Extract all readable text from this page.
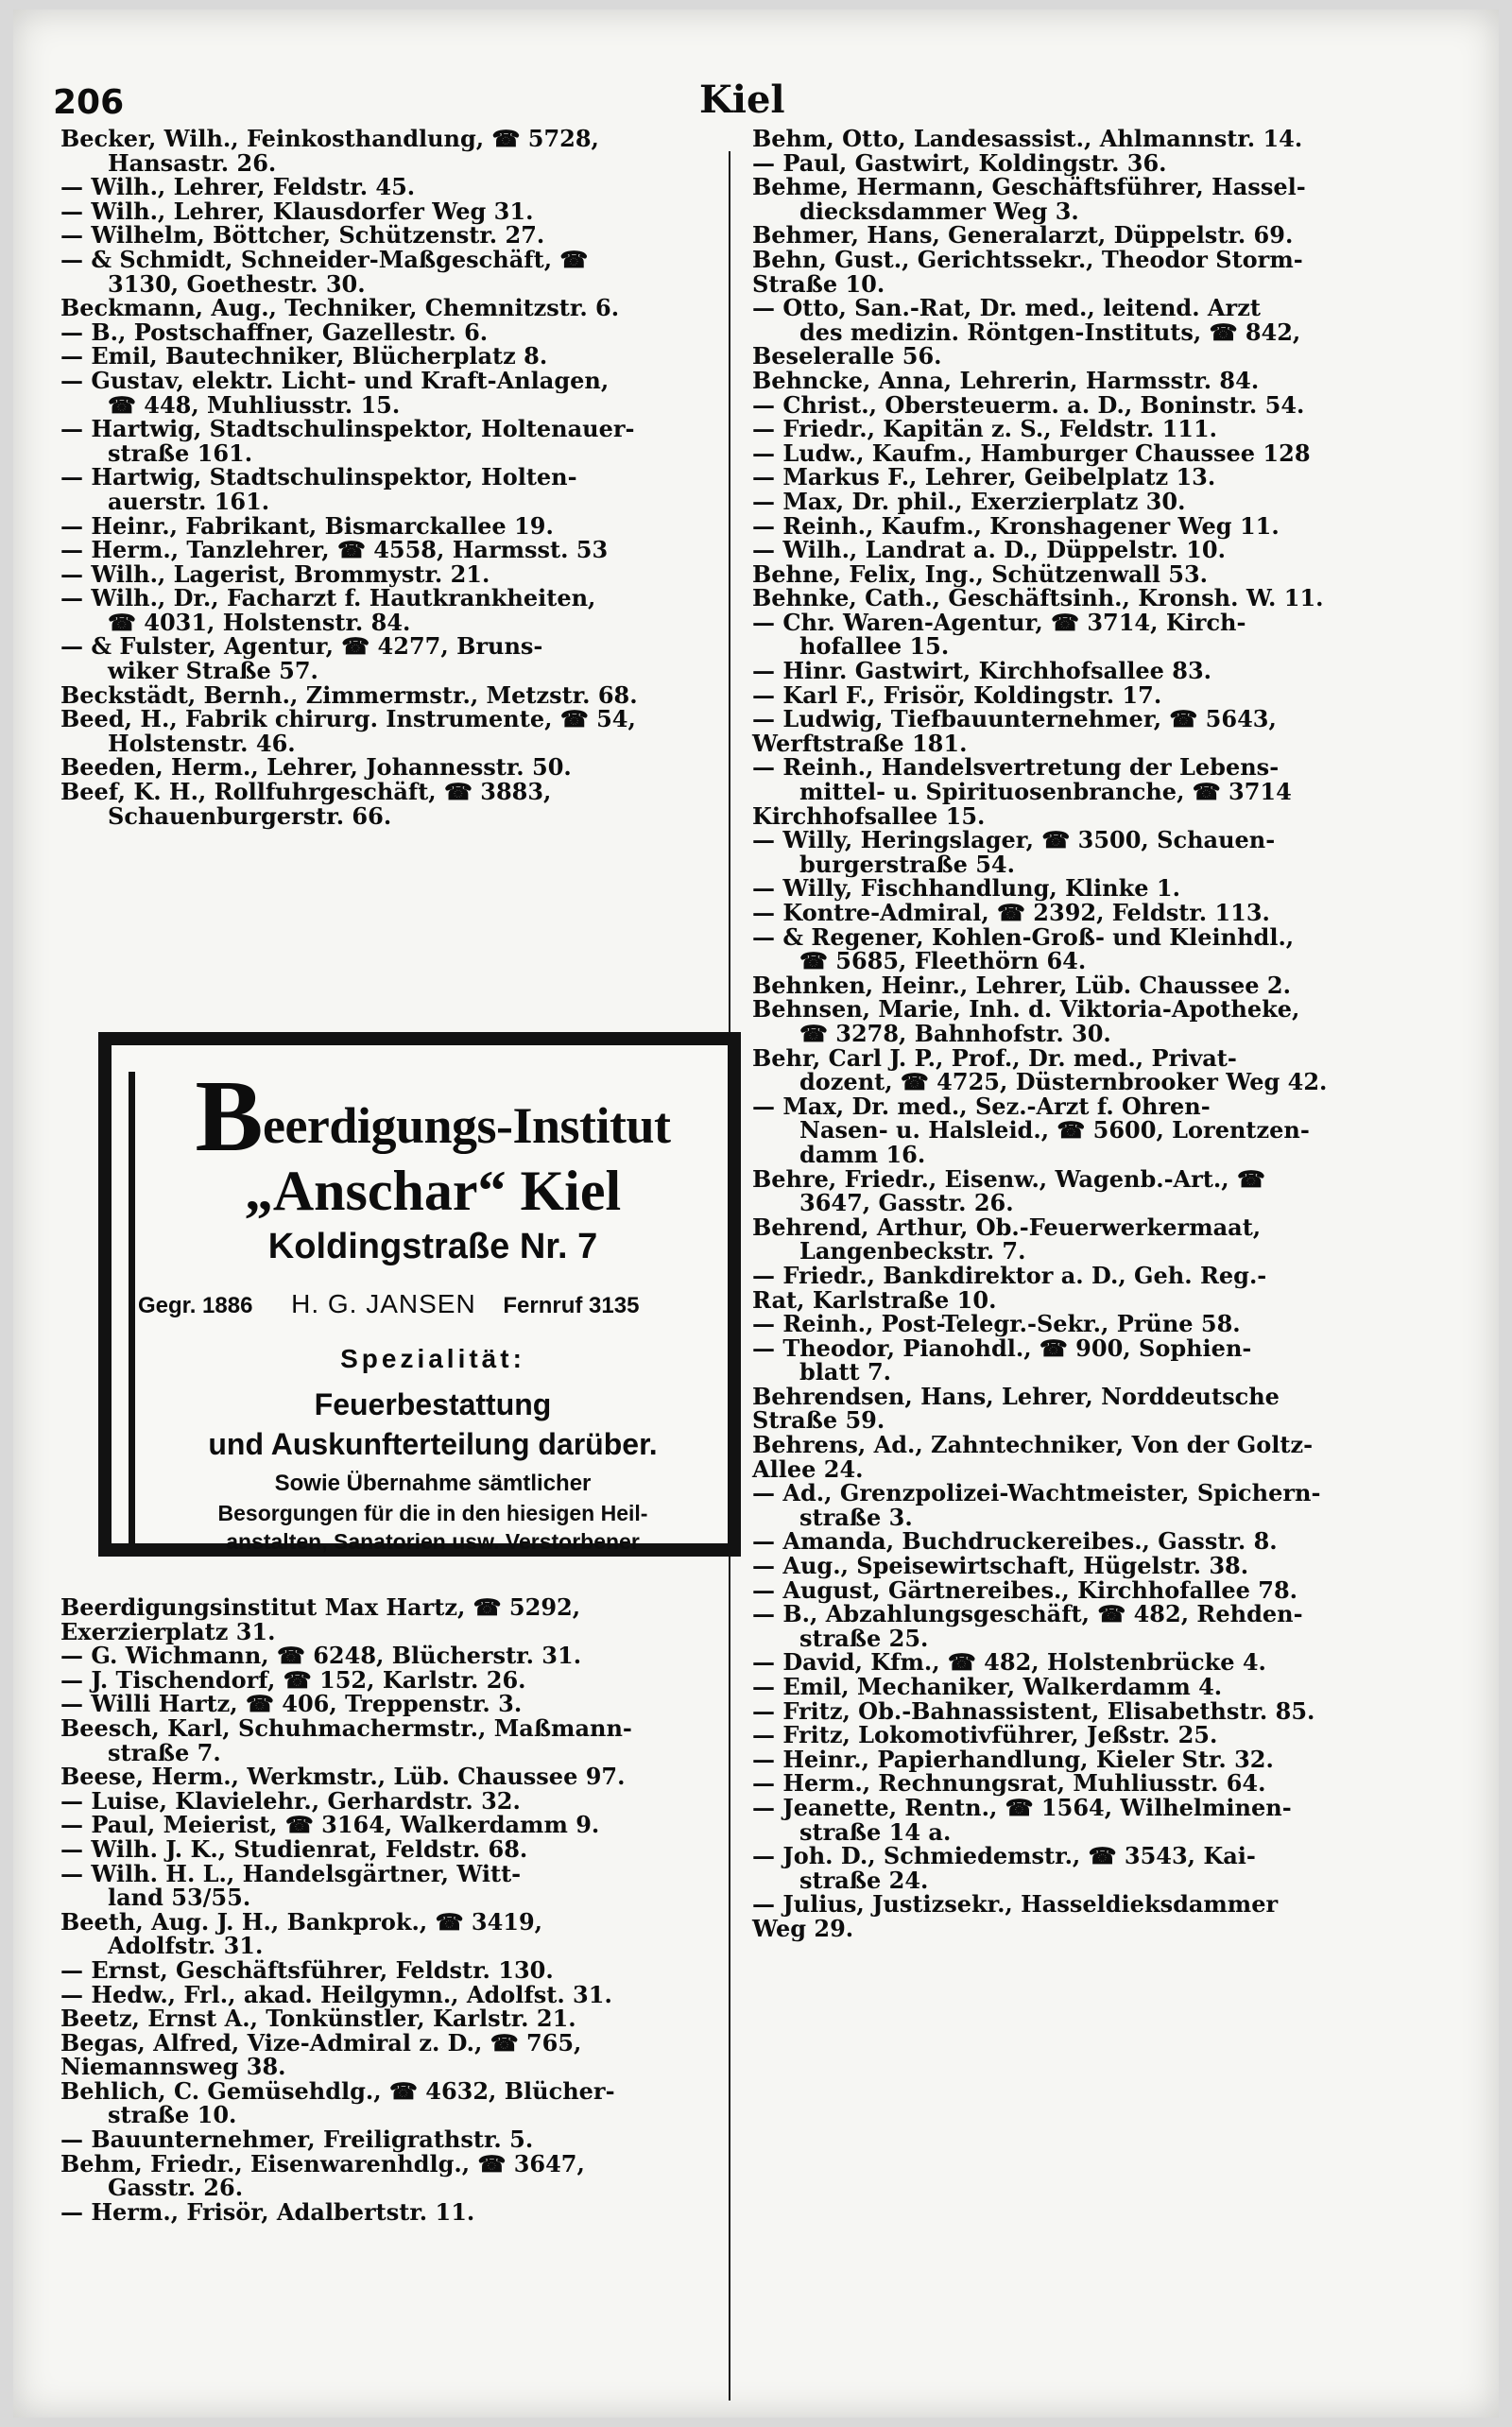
206	Kiel
Becker, Wilh., Feinkosthandlung, ☎ 5728,
Hansastr. 26.
— Wilh., Lehrer, Feldstr. 45.
— Wilh., Lehrer, Klausdorfer Weg 31.
— Wilhelm, Böttcher, Schützenstr. 27.
— & Schmidt, Schneider-Maßgeschäft, ☎
3130, Goethestr. 30.
Beckmann, Aug., Techniker, Chemnitzstr. 6.
— B., Postschaffner, Gazellestr. 6.
— Emil, Bautechniker, Blücherplatz 8.
— Gustav, elektr. Licht- und Kraft-Anlagen,
☎ 448, Muhliusstr. 15.
— Hartwig, Stadtschulinspektor, Holtenauer-
straße 161.
— Hartwig, Stadtschulinspektor, Holten-
auerstr. 161.
— Heinr., Fabrikant, Bismarckallee 19.
— Herm., Tanzlehrer, ☎ 4558, Harmsst. 53
— Wilh., Lagerist, Brommystr. 21.
— Wilh., Dr., Facharzt f. Hautkrankheiten,
☎ 4031, Holstenstr. 84.
— & Fulster, Agentur, ☎ 4277, Bruns-
wiker Straße 57.
Beckstädt, Bernh., Zimmermstr., Metzstr. 68.
Beed, H., Fabrik chirurg. Instrumente, ☎ 54,
Holstenstr. 46.
Beeden, Herm., Lehrer, Johannesstr. 50.
Beef, K. H., Rollfuhrgeschäft, ☎ 3883,
Schauenburgerstr. 66.
Beerdigungs-Institut
„Anschar“ Kiel
Koldingstraße Nr. 7
Gegr. 1886 H. G. JANSEN Fernruf 3135
Spezialität:
Feuerbestattung
und Auskunfterteilung darüber.
Sowie Übernahme sämtlicher
Besorgungen für die in den hiesigen Heil-
anstalten, Sanatorien usw. Verstorbener
Beerdigungsinstitut Max Hartz, ☎ 5292,
Exerzierplatz 31.
— G. Wichmann, ☎ 6248, Blücherstr. 31.
— J. Tischendorf, ☎ 152, Karlstr. 26.
— Willi Hartz, ☎ 406, Treppenstr. 3.
Beesch, Karl, Schuhmachermstr., Maßmann-
straße 7.
Beese, Herm., Werkmstr., Lüb. Chaussee 97.
— Luise, Klavielehr., Gerhardstr. 32.
— Paul, Meierist, ☎ 3164, Walkerdamm 9.
— Wilh. J. K., Studienrat, Feldstr. 68.
— Wilh. H. L., Handelsgärtner, Witt-
land 53/55.
Beeth, Aug. J. H., Bankprok., ☎ 3419,
Adolfstr. 31.
— Ernst, Geschäftsführer, Feldstr. 130.
— Hedw., Frl., akad. Heilgymn., Adolfst. 31.
Beetz, Ernst A., Tonkünstler, Karlstr. 21.
Begas, Alfred, Vize-Admiral z. D., ☎ 765,
Niemannsweg 38.
Behlich, C. Gemüsehdlg., ☎ 4632, Blücher-
straße 10.
— Bauunternehmer, Freiligrathstr. 5.
Behm, Friedr., Eisenwarenhdlg., ☎ 3647,
Gasstr. 26.
— Herm., Frisör, Adalbertstr. 11.
Behm, Otto, Landesassist., Ahlmannstr. 14.
— Paul, Gastwirt, Koldingstr. 36.
Behme, Hermann, Geschäftsführer, Hassel-
diecksdammer Weg 3.
Behmer, Hans, Generalarzt, Düppelstr. 69.
Behn, Gust., Gerichtssekr., Theodor Storm-
Straße 10.
— Otto, San.-Rat, Dr. med., leitend. Arzt
des medizin. Röntgen-Instituts, ☎ 842,
Beseleralle 56.
Behncke, Anna, Lehrerin, Harmsstr. 84.
— Christ., Obersteuerm. a. D., Boninstr. 54.
— Friedr., Kapitän z. S., Feldstr. 111.
— Ludw., Kaufm., Hamburger Chaussee 128
— Markus F., Lehrer, Geibelplatz 13.
— Max, Dr. phil., Exerzierplatz 30.
— Reinh., Kaufm., Kronshagener Weg 11.
— Wilh., Landrat a. D., Düppelstr. 10.
Behne, Felix, Ing., Schützenwall 53.
Behnke, Cath., Geschäftsinh., Kronsh. W. 11.
— Chr. Waren-Agentur, ☎ 3714, Kirch-
hofallee 15.
— Hinr. Gastwirt, Kirchhofsallee 83.
— Karl F., Frisör, Koldingstr. 17.
— Ludwig, Tiefbauunternehmer, ☎ 5643,
Werftstraße 181.
— Reinh., Handelsvertretung der Lebens-
mittel- u. Spirituosenbranche, ☎ 3714
Kirchhofsallee 15.
— Willy, Heringslager, ☎ 3500, Schauen-
burgerstraße 54.
— Willy, Fischhandlung, Klinke 1.
— Kontre-Admiral, ☎ 2392, Feldstr. 113.
— & Regener, Kohlen-Groß- und Kleinhdl.,
☎ 5685, Fleethörn 64.
Behnken, Heinr., Lehrer, Lüb. Chaussee 2.
Behnsen, Marie, Inh. d. Viktoria-Apotheke,
☎ 3278, Bahnhofstr. 30.
Behr, Carl J. P., Prof., Dr. med., Privat-
dozent, ☎ 4725, Düsternbrooker Weg 42.
— Max, Dr. med., Sez.-Arzt f. Ohren-
Nasen- u. Halsleid., ☎ 5600, Lorentzen-
damm 16.
Behre, Friedr., Eisenw., Wagenb.-Art., ☎
3647, Gasstr. 26.
Behrend, Arthur, Ob.-Feuerwerkermaat,
Langenbeckstr. 7.
— Friedr., Bankdirektor a. D., Geh. Reg.-
Rat, Karlstraße 10.
— Reinh., Post-Telegr.-Sekr., Prüne 58.
— Theodor, Pianohdl., ☎ 900, Sophien-
blatt 7.
Behrendsen, Hans, Lehrer, Norddeutsche
Straße 59.
Behrens, Ad., Zahntechniker, Von der Goltz-
Allee 24.
— Ad., Grenzpolizei-Wachtmeister, Spichern-
straße 3.
— Amanda, Buchdruckereibes., Gasstr. 8.
— Aug., Speisewirtschaft, Hügelstr. 38.
— August, Gärtnereibes., Kirchhofallee 78.
— B., Abzahlungsgeschäft, ☎ 482, Rehden-
straße 25.
— David, Kfm., ☎ 482, Holstenbrücke 4.
— Emil, Mechaniker, Walkerdamm 4.
— Fritz, Ob.-Bahnassistent, Elisabethstr. 85.
— Fritz, Lokomotivführer, Jeßstr. 25.
— Heinr., Papierhandlung, Kieler Str. 32.
— Herm., Rechnungsrat, Muhliusstr. 64.
— Jeanette, Rentn., ☎ 1564, Wilhelminen-
straße 14 a.
— Joh. D., Schmiedemstr., ☎ 3543, Kai-
straße 24.
— Julius, Justizsekr., Hasseldieksdammer
Weg 29.
